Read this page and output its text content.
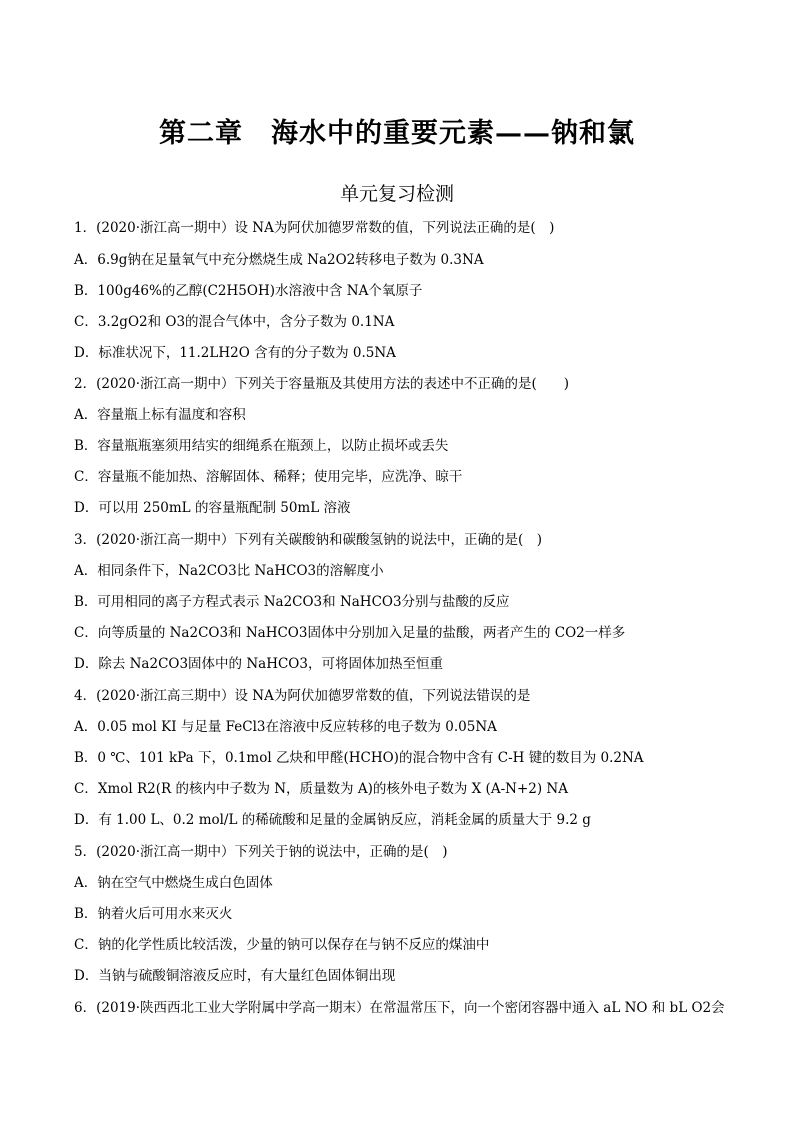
第二章　海水中的重要元素——钠和氯
单元复习检测
1．(2020·浙江高一期中）设 NA为阿伏加德罗常数的值，下列说法正确的是(　)
A．6.9g钠在足量氧气中充分燃烧生成 Na2O2转移电子数为 0.3NA
B．100g46%的乙醇(C2H5OH)水溶液中含 NA个氧原子
C．3.2gO2和 O3的混合气体中，含分子数为 0.1NA
D．标准状况下，11.2LH2O 含有的分子数为 0.5NA
2．(2020·浙江高一期中）下列关于容量瓶及其使用方法的表述中不正确的是(　　)
A．容量瓶上标有温度和容积
B．容量瓶瓶塞须用结实的细绳系在瓶颈上，以防止损坏或丢失
C．容量瓶不能加热、溶解固体、稀释；使用完毕，应洗净、晾干
D．可以用 250mL 的容量瓶配制 50mL 溶液
3．(2020·浙江高一期中）下列有关碳酸钠和碳酸氢钠的说法中，正确的是(　)
A．相同条件下，Na2CO3比 NaHCO3的溶解度小
B．可用相同的离子方程式表示 Na2CO3和 NaHCO3分别与盐酸的反应
C．向等质量的 Na2CO3和 NaHCO3固体中分别加入足量的盐酸，两者产生的 CO2一样多
D．除去 Na2CO3固体中的 NaHCO3，可将固体加热至恒重
4．(2020·浙江高三期中）设 NA为阿伏加德罗常数的值，下列说法错误的是
A．0.05 mol KI 与足量 FeCl3在溶液中反应转移的电子数为 0.05NA
B．0 ℃、101 kPa 下，0.1mol 乙炔和甲醛(HCHO)的混合物中含有 C-H 键的数目为 0.2NA
C．Xmol R2(R 的核内中子数为 N，质量数为 A)的核外电子数为 X (A-N+2) NA
D．有 1.00 L、0.2 mol/L 的稀硫酸和足量的金属钠反应，消耗金属的质量大于 9.2 g
5．(2020·浙江高一期中）下列关于钠的说法中，正确的是(　)
A．钠在空气中燃烧生成白色固体
B．钠着火后可用水来灭火
C．钠的化学性质比较活泼，少量的钠可以保存在与钠不反应的煤油中
D．当钠与硫酸铜溶液反应时，有大量红色固体铜出现
6．(2019·陕西西北工业大学附属中学高一期末）在常温常压下，向一个密闭容器中通入 aL NO 和 bL O2会
